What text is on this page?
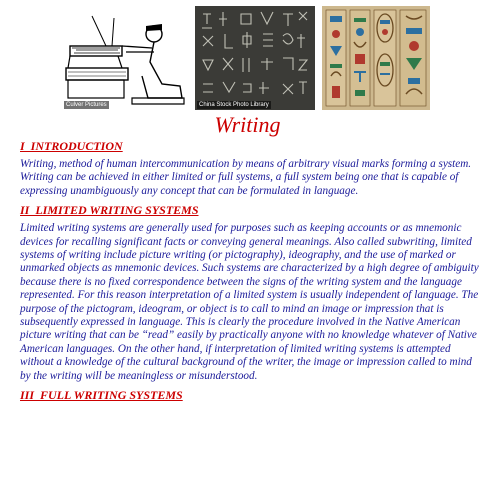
Culver Pictures	China Stock Photo Library
Writing
I  INTRODUCTION

Writing, method of human intercommunication by means of arbitrary visual marks forming a system. Writing can be achieved in either limited or full systems, a full system being one that is capable of expressing unambiguously any concept that can be formulated in language.

II  LIMITED WRITING SYSTEMS

Limited writing systems are generally used for purposes such as keeping accounts or as mnemonic devices for recalling significant facts or conveying general meanings. Also called subwriting, limited systems of writing include picture writing (or pictography), ideography, and the use of marked or unmarked objects as mnemonic devices. Such systems are characterized by a high degree of ambiguity because there is no fixed correspondence between the signs of the writing system and the language represented. For this reason interpretation of a limited system is usually independent of language. The purpose of the pictogram, ideogram, or object is to call to mind an image or impression that is subsequently expressed in language. This is clearly the procedure involved in the Native American picture writing that can be “read” easily by practically anyone with no knowledge whatever of Native American languages. On the other hand, if interpretation of limited writing systems is attempted without a knowledge of the cultural background of the writer, the image or impression called to mind by the writing will be meaningless or misunderstood.

III  FULL WRITING SYSTEMS
